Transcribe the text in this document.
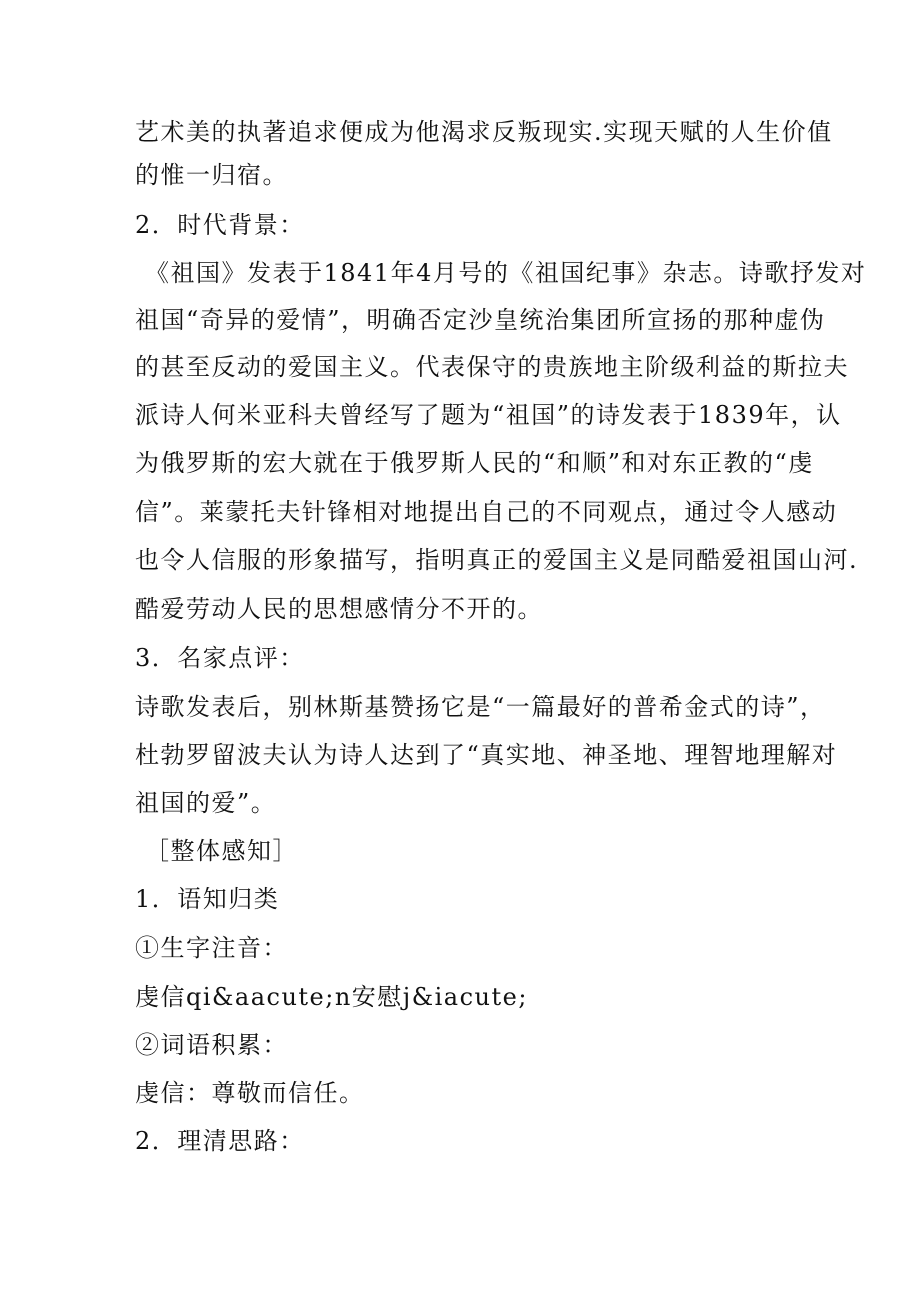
艺术美的执著追求便成为他渴求反叛现实.实现天赋的人生价值
的惟一归宿。
2．时代背景：
《祖国》发表于1841年4月号的《祖国纪事》杂志。诗歌抒发对
祖国“奇异的爱情”，明确否定沙皇统治集团所宣扬的那种虚伪
的甚至反动的爱国主义。代表保守的贵族地主阶级利益的斯拉夫
派诗人何米亚科夫曾经写了题为“祖国”的诗发表于1839年，认
为俄罗斯的宏大就在于俄罗斯人民的“和顺”和对东正教的“虔
信”。莱蒙托夫针锋相对地提出自己的不同观点，通过令人感动
也令人信服的形象描写，指明真正的爱国主义是同酷爱祖国山河.
酷爱劳动人民的思想感情分不开的。
3．名家点评：
诗歌发表后，别林斯基赞扬它是“一篇最好的普希金式的诗”，
杜勃罗留波夫认为诗人达到了“真实地、神圣地、理智地理解对
祖国的爱”。
［整体感知］
1．语知归类
①生字注音：
虔信qi&aacute;n安慰j&iacute;
②词语积累：
虔信：尊敬而信任。
2．理清思路：
